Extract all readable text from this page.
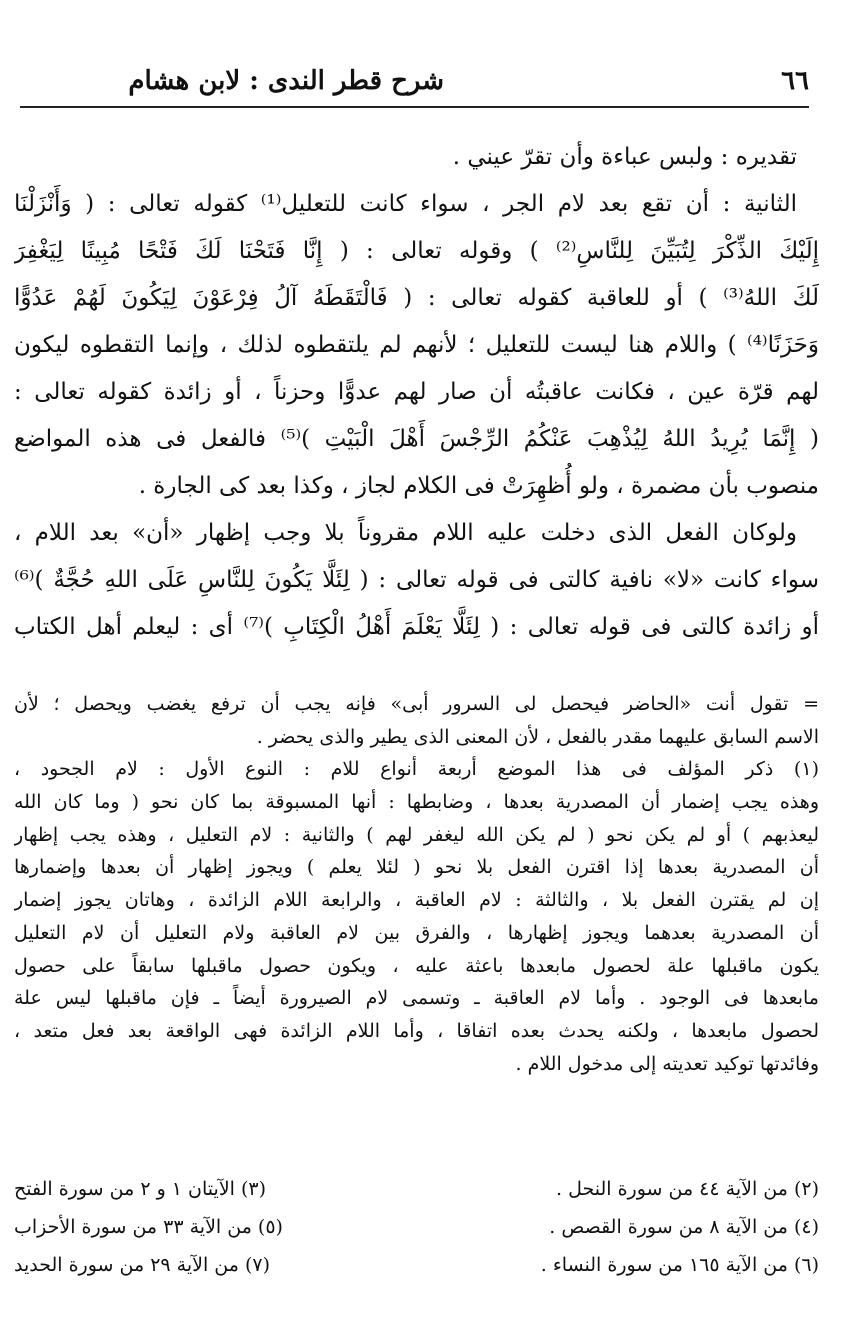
٦٦
شرح قطر الندى : لابن هشام
تقديره : ولبس عباءة وأن تقرّ عيني .
الثانية : أن تقع بعد لام الجر ، سواء كانت للتعليل⁽¹⁾ كقوله تعالى : ( وَأَنْزَلْنَا
إِلَيْكَ الذِّكْرَ لِتُبَيِّنَ لِلنَّاسِ⁽²⁾ ) وقوله تعالى : ( إِنَّا فَتَحْنَا لَكَ فَتْحًا مُبِينًا لِيَغْفِرَ
لَكَ اللهُ⁽³⁾ ) أو للعاقبة كقوله تعالى : ( فَالْتَقَطَهُ آلُ فِرْعَوْنَ لِيَكُونَ لَهُمْ عَدُوًّا
وَحَزَنًا⁽⁴⁾ ) واللام هنا ليست للتعليل ؛ لأنهم لم يلتقطوه لذلك ، وإنما التقطوه ليكون
لهم قرّة عين ، فكانت عاقبتُه أن صار لهم عدوًّا وحزناً ، أو زائدة كقوله تعالى :
( إِنَّمَا يُرِيدُ اللهُ لِيُذْهِبَ عَنْكُمُ الرِّجْسَ أَهْلَ الْبَيْتِ )⁽⁵⁾ فالفعل فى هذه المواضع
منصوب بأن مضمرة ، ولو أُظهِرَتْ فى الكلام لجاز ، وكذا بعد كى الجارة .
ولوكان الفعل الذى دخلت عليه اللام مقروناً بلا وجب إظهار «أن» بعد اللام ،
سواء كانت «لا» نافية كالتى فى قوله تعالى : ( لِئَلَّا يَكُونَ لِلنَّاسِ عَلَى اللهِ حُجَّةٌ )⁽⁶⁾
أو زائدة كالتى فى قوله تعالى : ( لِئَلَّا يَعْلَمَ أَهْلُ الْكِتَابِ )⁽⁷⁾ أى : ليعلم أهل الكتاب
= تقول أنت «الحاضر فيحصل لى السرور أبى» فإنه يجب أن ترفع يغضب ويحصل ؛ لأن
الاسم السابق عليهما مقدر بالفعل ، لأن المعنى الذى يطير والذى يحضر .
(١) ذكر المؤلف فى هذا الموضع أربعة أنواع للام : النوع الأول : لام الجحود ،
وهذه يجب إضمار أن المصدرية بعدها ، وضابطها : أنها المسبوقة بما كان نحو ( وما كان الله
ليعذبهم ) أو لم يكن نحو ( لم يكن الله ليغفر لهم ) والثانية : لام التعليل ، وهذه يجب إظهار
أن المصدرية بعدها إذا اقترن الفعل بلا نحو ( لئلا يعلم ) ويجوز إظهار أن بعدها وإضمارها
إن لم يقترن الفعل بلا ، والثالثة : لام العاقبة ، والرابعة اللام الزائدة ، وهاتان يجوز إضمار
أن المصدرية بعدهما ويجوز إظهارها ، والفرق بين لام العاقبة ولام التعليل أن لام التعليل
يكون ماقبلها علة لحصول مابعدها باعثة عليه ، ويكون حصول ماقبلها سابقاً على حصول
مابعدها فى الوجود . وأما لام العاقبة ـ وتسمى لام الصيرورة أيضاً ـ فإن ماقبلها ليس علة
لحصول مابعدها ، ولكنه يحدث بعده اتفاقا ، وأما اللام الزائدة فهى الواقعة بعد فعل متعد ،
وفائدتها توكيد تعديته إلى مدخول اللام .
(٢) من الآية ٤٤ من سورة النحل .
(٣) الآيتان ١ و ٢ من سورة الفتح
(٤) من الآية ٨ من سورة القصص .
(٥) من الآية ٣٣ من سورة الأحزاب
(٦) من الآية ١٦٥ من سورة النساء .
(٧) من الآية ٢٩ من سورة الحديد
